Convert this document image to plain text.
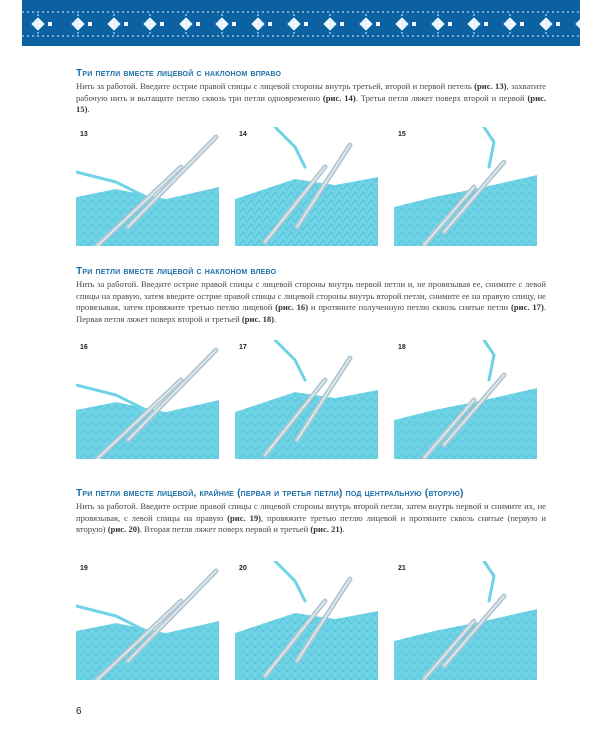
Три петли вместе лицевой с наклоном вправо

Нить за работой. Введите острие правой спицы с лицевой стороны внутрь третьей, второй и первой петель (рис. 13), захватите рабочую нить и вытащите петлю сквозь три петли одновременно (рис. 14). Третья петля ляжет поверх второй и первой (рис. 15).

13	14	15
Три петли вместе лицевой с наклоном влево

Нить за работой. Введите острие правой спицы с лицевой стороны внутрь первой петли и, не провязывая ее, снимите с левой спицы на правую, затем введите острие правой спицы с лицевой стороны внутрь второй петли, снимите ее на правую спицу, не провязывая, затем провяжите третью петлю лицевой (рис. 16) и протяните полученную петлю сквозь снятые петли (рис. 17). Первая петля ляжет поверх второй и третьей (рис. 18).

16	17	18
Три петли вместе лицевой, крайние (первая и третья петли) под центральную (вторую)

Нить за работой. Введите острие правой спицы с лицевой стороны внутрь второй петли, затем внутрь первой и снимите их, не провязывая, с левой спицы на правую (рис. 19), провяжите третью петлю лицевой и протяните сквозь снятые (первую и вторую) (рис. 20). Вторая петля ляжет поверх первой и третьей (рис. 21).

19	20	21
6
